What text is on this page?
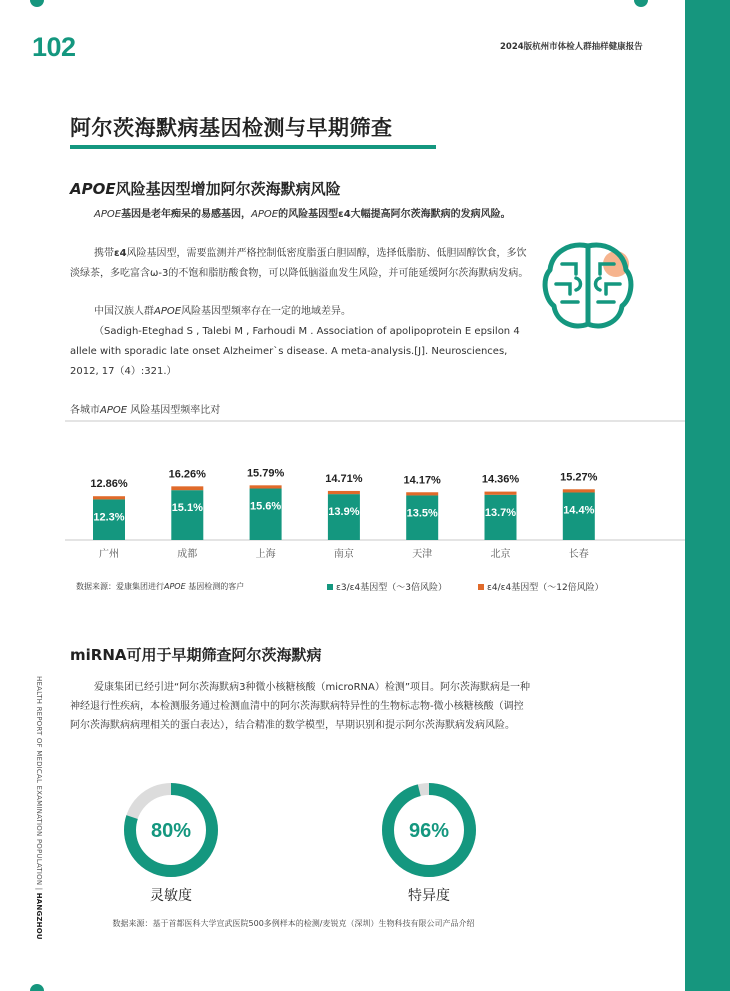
102	2024版杭州市体检人群抽样健康报告
阿尔茨海默病基因检测与早期筛查
APOE风险基因型增加阿尔茨海默病风险

APOE基因是老年痴呆的易感基因，APOE的风险基因型ε4大幅提高阿尔茨海默病的发病风险。

携带ε4风险基因型，需要监测并严格控制低密度脂蛋白胆固醇，选择低脂肪、低胆固醇饮食，多饮淡绿茶，多吃富含ω-3的不饱和脂肪酸食物，可以降低脑溢血发生风险，并可能延缓阿尔茨海默病发病。

中国汉族人群APOE风险基因型频率存在一定的地域差异。

（Sadigh-Eteghad S , Talebi M , Farhoudi M . Association of apolipoprotein E epsilon 4 allele with sporadic late onset Alzheimer`s disease. A meta-analysis.[J]. Neurosciences, 2012, 17（4）:321.）

各城市APOE 风险基因型频率比对
12.3%
12.86%
广州
15.1%
16.26%
成都
15.6%
15.79%
上海
13.9%
14.71%
南京
13.5%
14.17%
天津
13.7%
14.36%
北京
14.4%
15.27%
长春
数据来源：爱康集团进行APOE 基因检测的客户	ε3/ε4基因型（～3倍风险）	ε4/ε4基因型（～12倍风险）
miRNA可用于早期筛查阿尔茨海默病

爱康集团已经引进“阿尔茨海默病3种微小核糖核酸（microRNA）检测”项目。阿尔茨海默病是一种神经退行性疾病，本检测服务通过检测血清中的阿尔茨海默病特异性的生物标志物-微小核糖核酸（调控阿尔茨海默病病理相关的蛋白表达），结合精准的数学模型，早期识别和提示阿尔茨海默病发病风险。

HEALTH REPORT OF MEDICAL EXAMINATION POPULATION | HANGZHOU
80%
灵敏度
96%
特异度
数据来源：基于首都医科大学宣武医院500多例样本的检测/麦锐克（深圳）生物科技有限公司产品介绍
